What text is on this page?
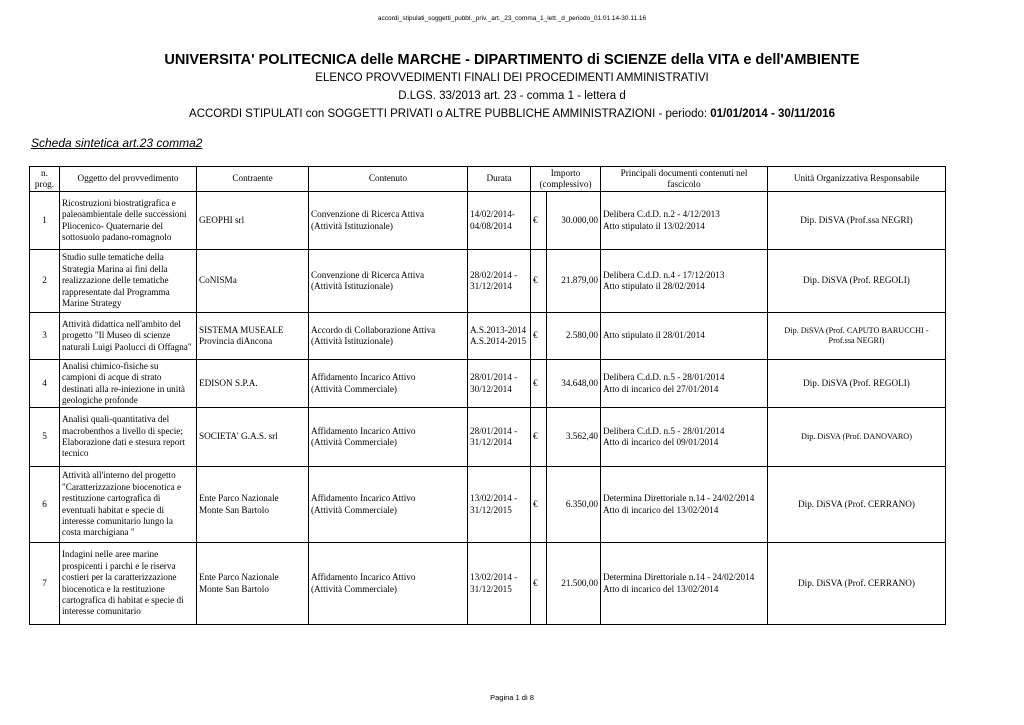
accordi_stipulati_soggetti_pubbl._priv._art._23_comma_1_lett._d_periodo_01.01.14-30.11.16
UNIVERSITA' POLITECNICA delle MARCHE - DIPARTIMENTO di SCIENZE della VITA e dell'AMBIENTE
ELENCO PROVVEDIMENTI FINALI DEI PROCEDIMENTI AMMINISTRATIVI
D.LGS. 33/2013 art. 23 - comma 1 - lettera d
ACCORDI STIPULATI con SOGGETTI PRIVATI o ALTRE PUBBLICHE AMMINISTRAZIONI - periodo: 01/01/2014 - 30/11/2016
Scheda sintetica art.23 comma2
n. prog.	Oggetto del provvedimento	Contraente	Contenuto	Durata	Importo
(complessivo)		Principali documenti contenuti nel
fascicolo	Unità Organizzativa Responsabile
1	Ricostruzioni biostratigrafica e paleoambientale delle successioni Pliocenico- Quaternarie del sottosuolo padano-romagnolo	GEOPHI srl	Convenzione di Ricerca Attiva
(Attività Istituzionale)	14/02/2014-
04/08/2014	€	30.000,00	Delibera C.d.D. n.2 - 4/12/2013
Atto stipulato il 13/02/2014	Dip. DiSVA (Prof.ssa NEGRI)
2	Studio sulle tematiche della Strategia Marina ai fini della realizzazione delle tematiche rappresentate dal Programma Marine Strategy	CoNISMa	Convenzione di Ricerca Attiva
(Attività Istituzionale)	28/02/2014 -
31/12/2014	€	21.879,00	Delibera C.d.D. n.4 - 17/12/2013
Atto stipulato il 28/02/2014	Dip. DiSVA (Prof. REGOLI)
3	Attività didattica nell'ambito del progetto "Il Museo di scienze naturali Luigi Paolucci di Offagna"	SISTEMA MUSEALE
Provincia diAncona	Accordo di Collaborazione Attiva
(Attività Istituzionale)	A.S.2013-2014
A.S.2014-2015	€	2.580,00	Atto stipulato il 28/01/2014	Dip. DiSVA (Prof. CAPUTO BARUCCHI -
Prof.ssa NEGRI)

4	Analisi chimico-fisiche su campioni di acque di strato destinati alla re-iniezione in unità geologiche profonde	EDISON S.P.A.	Affidamento Incarico Attivo
(Attività Commerciale)	28/01/2014 -
30/12/2014	€	34.648,00	Delibera C.d.D. n.5 - 28/01/2014
Atto di incarico del 27/01/2014	Dip. DiSVA (Prof. REGOLI)
5	Analisi quali-quantitativa del macrobenthos a livello di specie; Elaborazione dati e stesura report tecnico	SOCIETA' G.A.S. srl	Affidamento Incarico Attivo
(Attività Commerciale)	28/01/2014 -
31/12/2014	€	3.562,40	Delibera C.d.D. n.5 - 28/01/2014
Atto di incarico del 09/01/2014	Dip. DiSVA (Prof. DANOVARO)
6	Attività all'interno del progetto "Caratterizzazione biocenotica e restituzione cartografica di eventuali habitat e specie di interesse comunitario lungo la costa marchigiana "	Ente Parco Nazionale
Monte San Bartolo	Affidamento Incarico Attivo
(Attività Commerciale)	13/02/2014 -
31/12/2015	€	6.350,00	Determina Direttoriale n.14 - 24/02/2014
Atto di incarico del 13/02/2014	Dip. DiSVA (Prof. CERRANO)
7	Indagini nelle aree marine prospicenti i parchi e le riserva costieri per la caratterizzazione biocenotica e la restituzione cartografica di habitat e specie di interesse comunitario	Ente Parco Nazionale
Monte San Bartolo	Affidamento Incarico Attivo
(Attività Commerciale)	13/02/2014 -
31/12/2015	€	21.500,00	Determina Direttoriale n.14 - 24/02/2014
Atto di incarico del 13/02/2014	Dip. DiSVA (Prof. CERRANO)
Pagina 1 di 8
